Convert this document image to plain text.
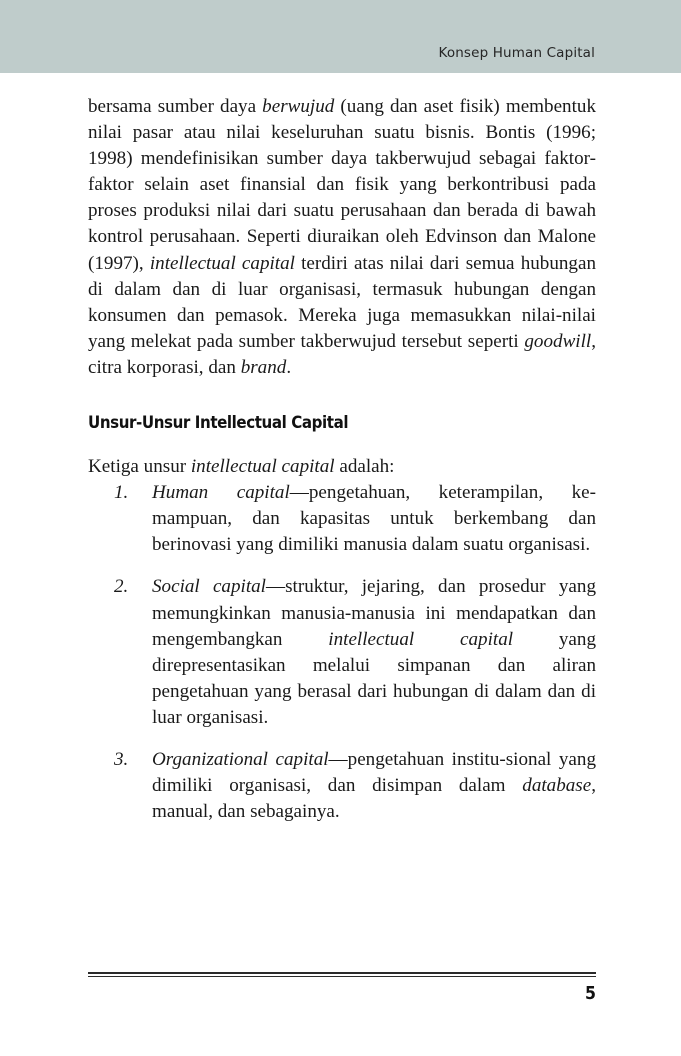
Konsep Human Capital

bersama sumber daya berwujud (uang dan aset fisik) membentuk nilai pasar atau nilai keseluruhan suatu bisnis. Bontis (1996; 1998) mendefinisikan sumber daya takberwujud sebagai faktor-faktor selain aset finansial dan fisik yang berkontribusi pada proses produksi nilai dari suatu perusahaan dan berada di bawah kontrol perusahaan. Seperti diuraikan oleh Edvinson dan Malone (1997), intellectual capital terdiri atas nilai dari semua hubungan di dalam dan di luar organisasi, termasuk hubungan dengan konsumen dan pemasok. Mereka juga memasukkan nilai-nilai yang melekat pada sumber takberwujud tersebut seperti goodwill, citra korporasi, dan brand.

Unsur-Unsur Intellectual Capital

Ketiga unsur intellectual capital adalah:

1. Human capital—pengetahuan, keterampilan, ke-mampuan, dan kapasitas untuk berkembang dan berinovasi yang dimiliki manusia dalam suatu organisasi.
2. Social capital—struktur, jejaring, dan prosedur yang memungkinkan manusia-manusia ini mendapatkan dan mengembangkan intellectual capital yang direpresentasikan melalui simpanan dan aliran pengetahuan yang berasal dari hubungan di dalam dan di luar organisasi.
3. Organizational capital—pengetahuan institu-sional yang dimiliki organisasi, dan disimpan dalam database, manual, dan sebagainya.
5
